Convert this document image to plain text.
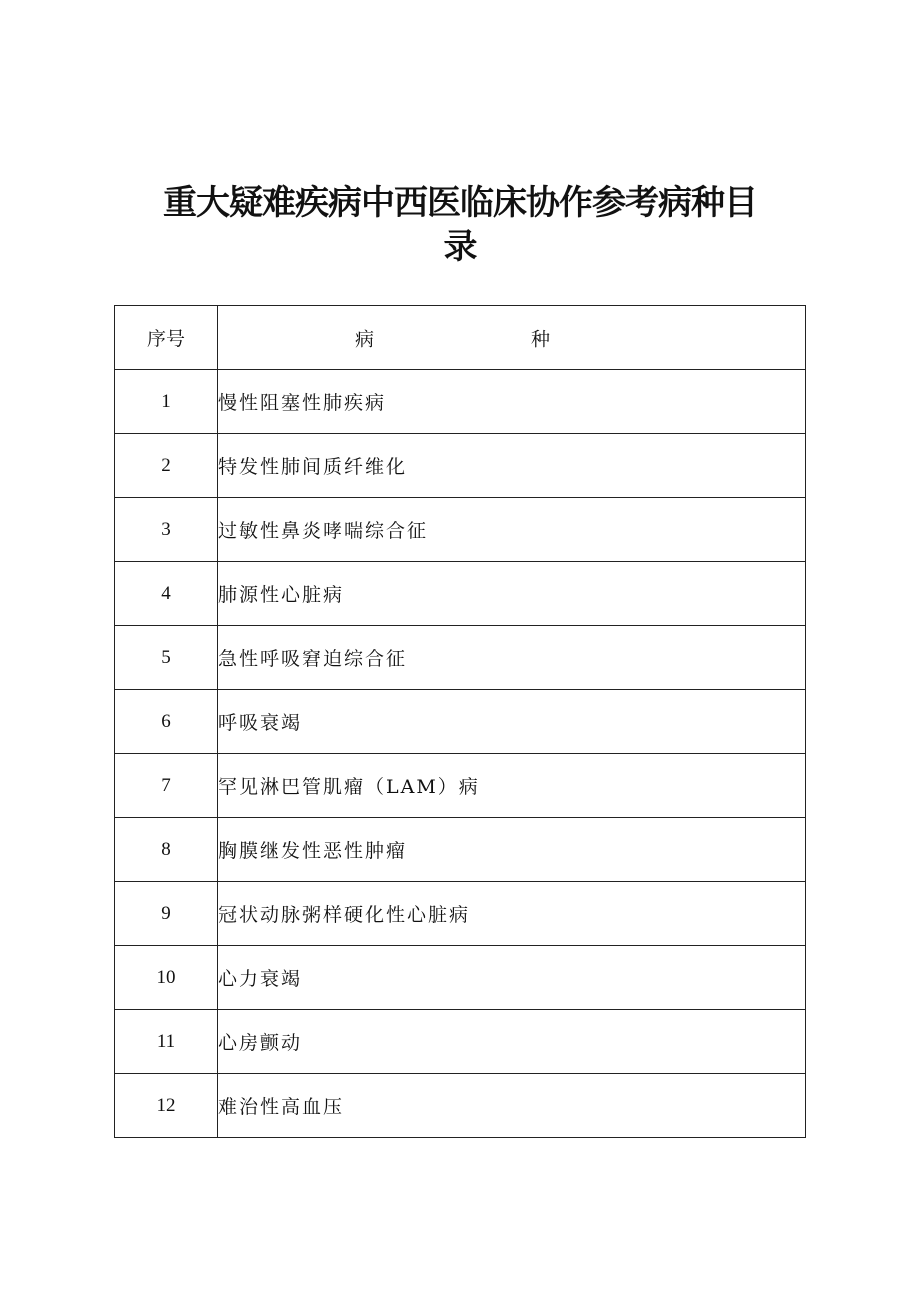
重大疑难疾病中西医临床协作参考病种目录
序号	病 种

1	慢性阻塞性肺疾病
2	特发性肺间质纤维化
3	过敏性鼻炎哮喘综合征
4	肺源性心脏病
5	急性呼吸窘迫综合征
6	呼吸衰竭
7	罕见淋巴管肌瘤（LAM）病
8	胸膜继发性恶性肿瘤
9	冠状动脉粥样硬化性心脏病
10	心力衰竭
11	心房颤动
12	难治性高血压
